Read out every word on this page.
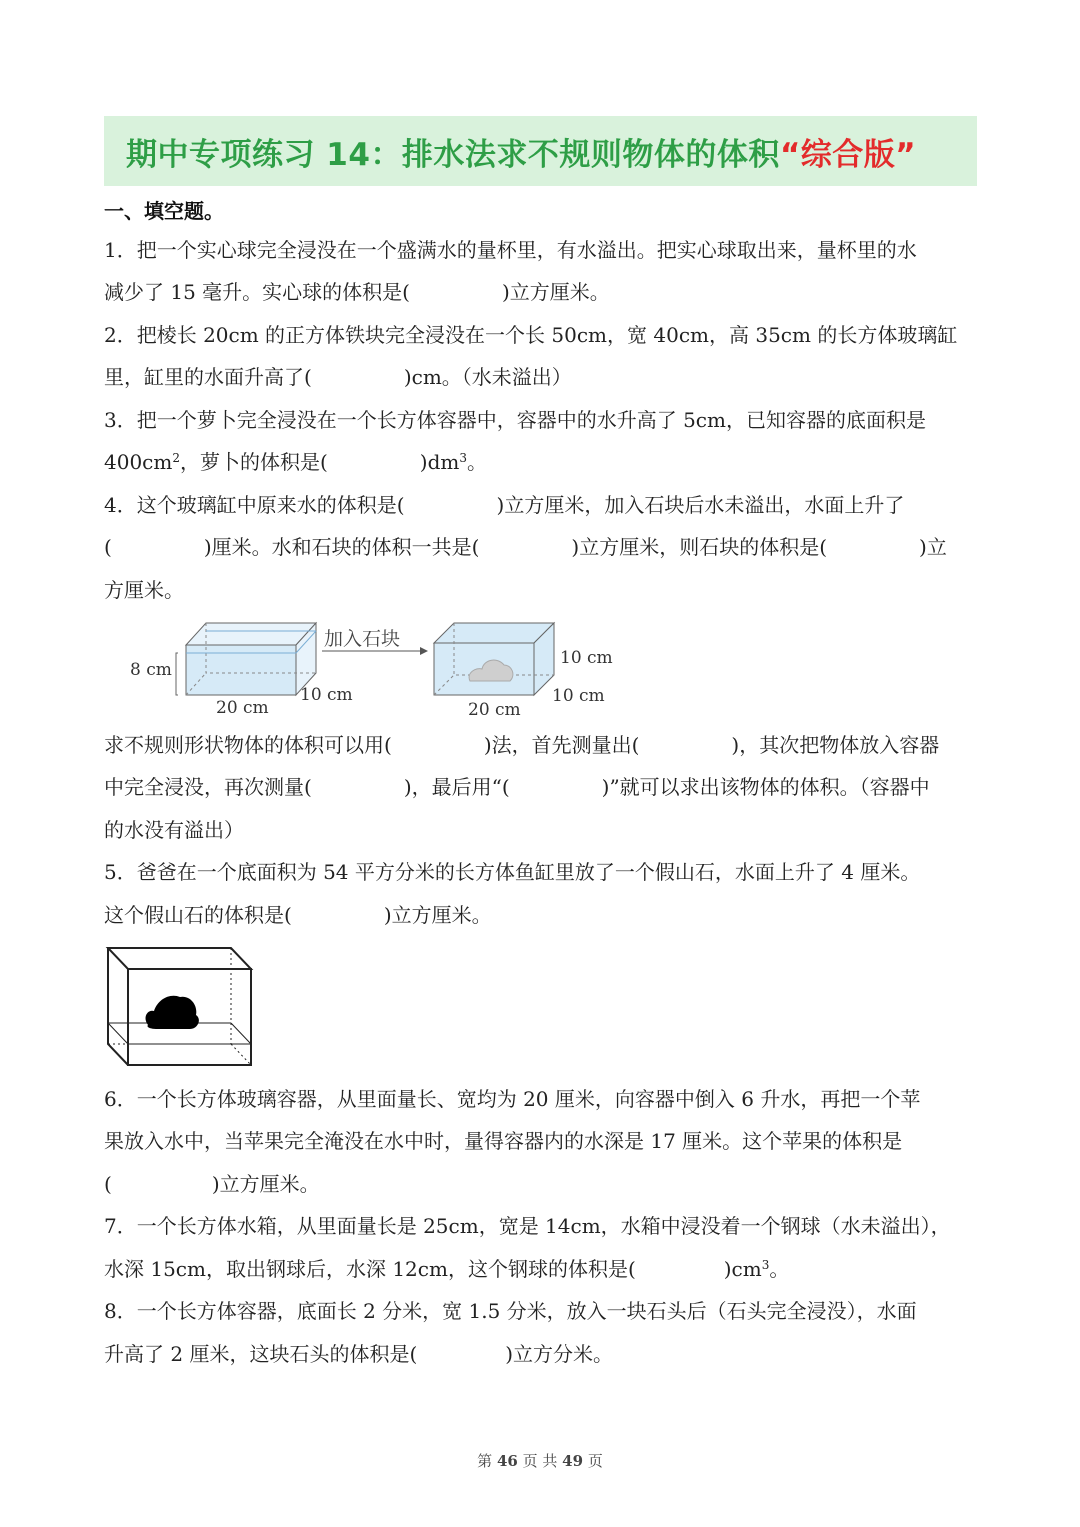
期中专项练习 14：排水法求不规则物体的体积“综合版”
一、填空题。
1．把一个实心球完全浸没在一个盛满水的量杯里，有水溢出。把实心球取出来，量杯里的水
减少了 15 毫升。实心球的体积是(	)立方厘米。
2．把棱长 20cm 的正方体铁块完全浸没在一个长 50cm，宽 40cm，高 35cm 的长方体玻璃缸
里，缸里的水面升高了(	)cm。（水未溢出）
3．把一个萝卜完全浸没在一个长方体容器中，容器中的水升高了 5cm，已知容器的底面积是
$400cm^2$，萝卜的体积是(	)$dm^3$。
4．这个玻璃缸中原来水的体积是(	)立方厘米，加入石块后水未溢出，水面上升了
(	)厘米。水和石块的体积一共是(	)立方厘米，则石块的体积是(	)立
方厘米。
8 cm
20 cm
10 cm
加入石块
10 cm
10 cm
20 cm
求不规则形状物体的体积可以用(	)法，首先测量出(	)，其次把物体放入容器
中完全浸没，再次测量(	)，最后用“(	)”就可以求出该物体的体积。（容器中
的水没有溢出）
5．爸爸在一个底面积为 54 平方分米的长方体鱼缸里放了一个假山石，水面上升了 4 厘米。
这个假山石的体积是(	)立方厘米。
6．一个长方体玻璃容器，从里面量长、宽均为 20 厘米，向容器中倒入 6 升水，再把一个苹
果放入水中，当苹果完全淹没在水中时，量得容器内的水深是 17 厘米。这个苹果的体积是
(	)立方厘米。
7．一个长方体水箱，从里面量长是 25cm，宽是 14cm，水箱中浸没着一个钢球（水未溢出），
水深 15cm，取出钢球后，水深 12cm，这个钢球的体积是(	)$cm^3$。
8．一个长方体容器，底面长 2 分米，宽 1.5 分米，放入一块石头后（石头完全浸没），水面
升高了 2 厘米，这块石头的体积是(	)立方分米。
第 46 页 共 49 页
